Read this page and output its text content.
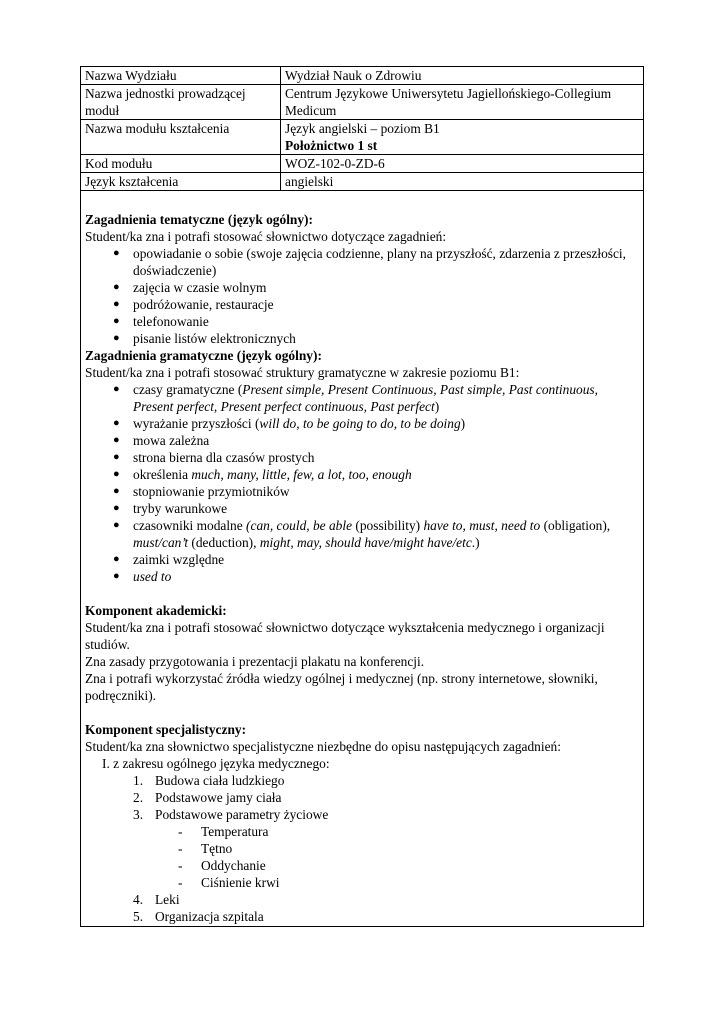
Nazwa Wydziału	Wydział Nauk o Zdrowiu
Nazwa jednostki prowadzącej moduł	Centrum Językowe Uniwersytetu Jagiellońskiego-Collegium Medicum
Nazwa modułu kształcenia	Język angielski – poziom B1
Położnictwo 1 st

Kod modułu	WOZ-102-0-ZD-6
Język kształcenia	angielski
Zagadnienia tematyczne (język ogólny):
Student/ka zna i potrafi stosować słownictwo dotyczące zagadnień:
● opowiadanie o sobie (swoje zajęcia codzienne, plany na przyszłość, zdarzenia z przeszłości, doświadczenie)
● zajęcia w czasie wolnym
● podróżowanie, restauracje
● telefonowanie
● pisanie listów elektronicznych
Zagadnienia gramatyczne (język ogólny):
Student/ka zna i potrafi stosować struktury gramatyczne w zakresie poziomu B1:
● czasy gramatyczne (Present simple, Present Continuous, Past simple, Past continuous, Present perfect, Present perfect continuous, Past perfect)
● wyrażanie przyszłości (will do, to be going to do, to be doing)
● mowa zależna
● strona bierna dla czasów prostych
● określenia much, many, little, few, a lot, too, enough
● stopniowanie przymiotników
● tryby warunkowe
● czasowniki modalne (can, could, be able (possibility) have to, must, need to (obligation), must/can’t (deduction), might, may, should have/might have/etc.)
● zaimki względne
● used to
Komponent akademicki:
Student/ka zna i potrafi stosować słownictwo dotyczące wykształcenia medycznego i organizacji studiów.
Zna zasady przygotowania i prezentacji plakatu na konferencji.
Zna i potrafi wykorzystać źródła wiedzy ogólnej i medycznej (np. strony internetowe, słowniki, podręczniki).
Komponent specjalistyczny:
Student/ka zna słownictwo specjalistyczne niezbędne do opisu następujących zagadnień:
I. z zakresu ogólnego języka medycznego:
1. Budowa ciała ludzkiego
2. Podstawowe jamy ciała
3. Podstawowe parametry życiowe
- Temperatura
- Tętno
- Oddychanie
- Ciśnienie krwi
4. Leki
5. Organizacja szpitala
